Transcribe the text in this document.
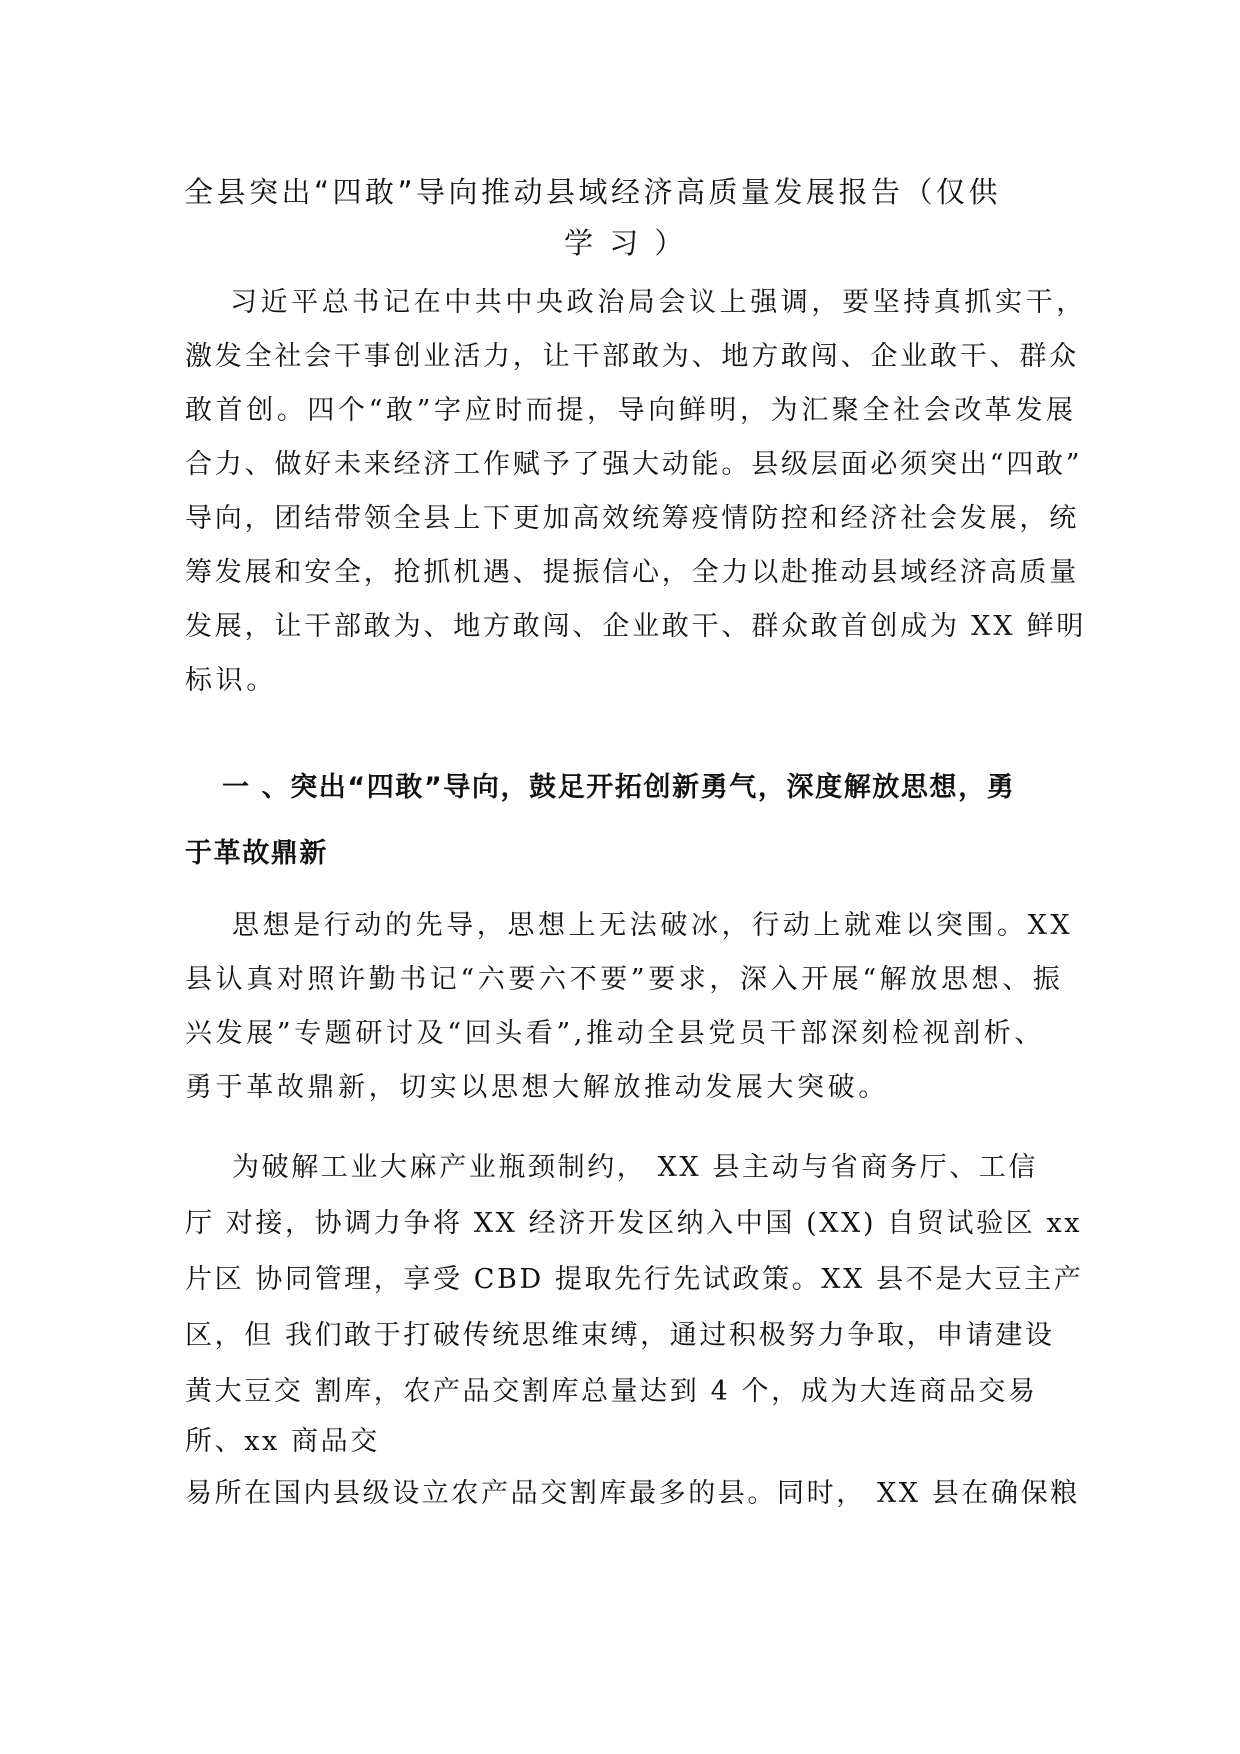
全县突出“四敢”导向推动县域经济高质量发展报告（仅供
学 习 ）
习近平总书记在中共中央政治局会议上强调，要坚持真抓实干，
激发全社会干事创业活力，让干部敢为、地方敢闯、企业敢干、群众
敢首创。四个“敢”字应时而提，导向鲜明，为汇聚全社会改革发展
合力、做好未来经济工作赋予了强大动能。县级层面必须突出“四敢”
导向，团结带领全县上下更加高效统筹疫情防控和经济社会发展，统
筹发展和安全，抢抓机遇、提振信心，全力以赴推动县域经济高质量
发展，让干部敢为、地方敢闯、企业敢干、群众敢首创成为 XX 鲜明
标识。
一 、突出“四敢”导向，鼓足开拓创新勇气，深度解放思想，勇
于革故鼎新
思想是行动的先导，思想上无法破冰，行动上就难以突围。XX
县认真对照许勤书记“六要六不要”要求，深入开展“解放思想、振
兴发展”专题研讨及“回头看”,推动全县党员干部深刻检视剖析、
勇于革故鼎新，切实以思想大解放推动发展大突破。
为破解工业大麻产业瓶颈制约， XX 县主动与省商务厅、工信
厅 对接，协调力争将 XX 经济开发区纳入中国 (XX) 自贸试验区 xx
片区 协同管理，享受 CBD 提取先行先试政策。XX 县不是大豆主产
区，但 我们敢于打破传统思维束缚，通过积极努力争取，申请建设
黄大豆交 割库，农产品交割库总量达到 4 个，成为大连商品交易
所、xx 商品交
易所在国内县级设立农产品交割库最多的县。同时， XX 县在确保粮
